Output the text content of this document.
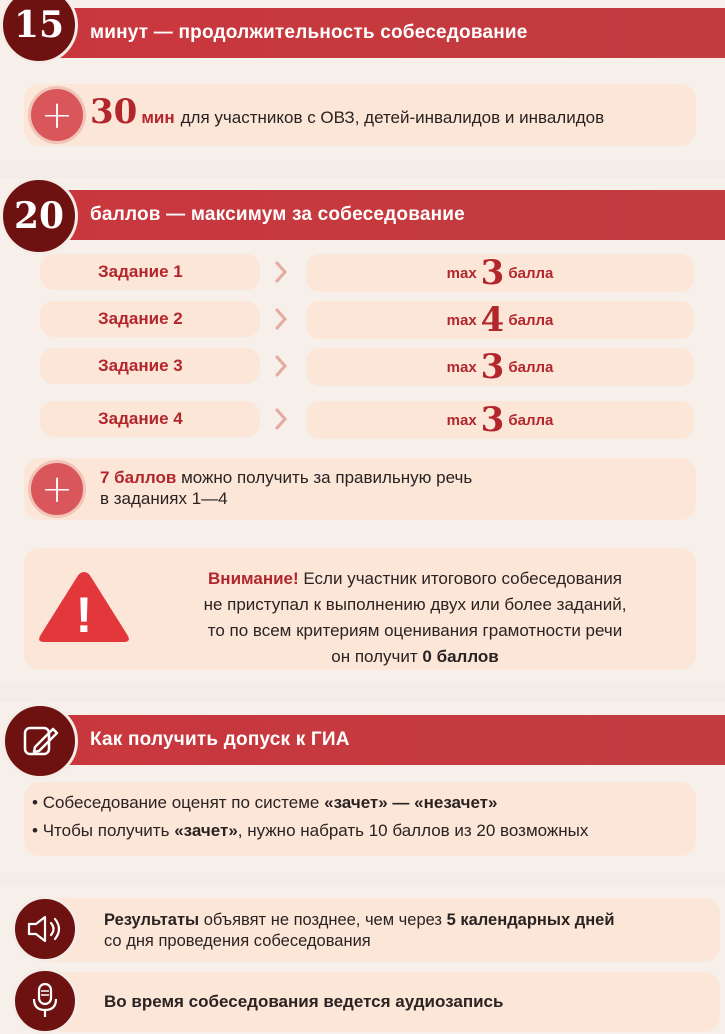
минут — продолжительность собеседование
15
+ 30 мин для участников с ОВЗ, детей-инвалидов и инвалидов
баллов — максимум за собеседование
20
Задание 1	max 3 балла
Задание 2	max 4 балла
Задание 3	max 3 балла
Задание 4	max 3 балла
+ 7 баллов можно получить за правильную речь
в заданиях 1—4
!
Внимание! Если участник итогового собеседования
не приступал к выполнению двух или более заданий,
то по всем критериям оценивания грамотности речи
он получит 0 баллов
Как получить допуск к ГИА
• Собеседование оценят по системе «зачет» — «незачет»
• Чтобы получить «зачет», нужно набрать 10 баллов из 20 возможных
Результаты объявят не позднее, чем через 5 календарных дней
со дня проведения собеседования
Во время собеседования ведется аудиозапись
